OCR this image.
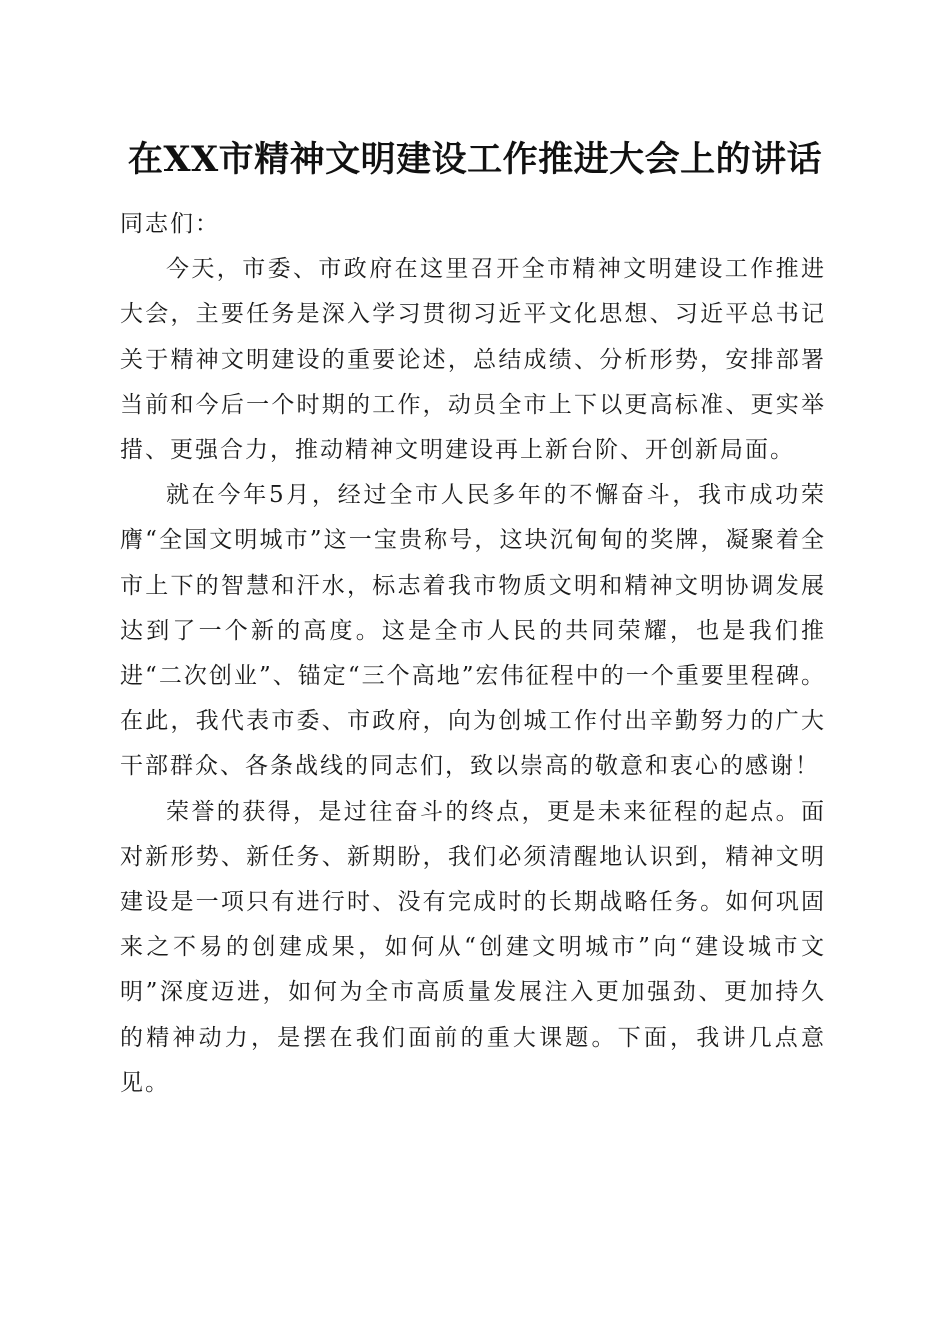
在XX市精神文明建设工作推进大会上的讲话

同志们：

今天，市委、市政府在这里召开全市精神文明建设工作推进大会，主要任务是深入学习贯彻习近平文化思想、习近平总书记关于精神文明建设的重要论述，总结成绩、分析形势，安排部署当前和今后一个时期的工作，动员全市上下以更高标准、更实举措、更强合力，推动精神文明建设再上新台阶、开创新局面。

就在今年5月，经过全市人民多年的不懈奋斗，我市成功荣膺“全国文明城市”这一宝贵称号，这块沉甸甸的奖牌，凝聚着全市上下的智慧和汗水，标志着我市物质文明和精神文明协调发展达到了一个新的高度。这是全市人民的共同荣耀，也是我们推进“二次创业”、锚定“三个高地”宏伟征程中的一个重要里程碑。在此，我代表市委、市政府，向为创城工作付出辛勤努力的广大干部群众、各条战线的同志们，致以崇高的敬意和衷心的感谢！

荣誉的获得，是过往奋斗的终点，更是未来征程的起点。面对新形势、新任务、新期盼，我们必须清醒地认识到，精神文明建设是一项只有进行时、没有完成时的长期战略任务。如何巩固来之不易的创建成果，如何从“创建文明城市”向“建设城市文明”深度迈进，如何为全市高质量发展注入更加强劲、更加持久的精神动力，是摆在我们面前的重大课题。下面，我讲几点意见。
